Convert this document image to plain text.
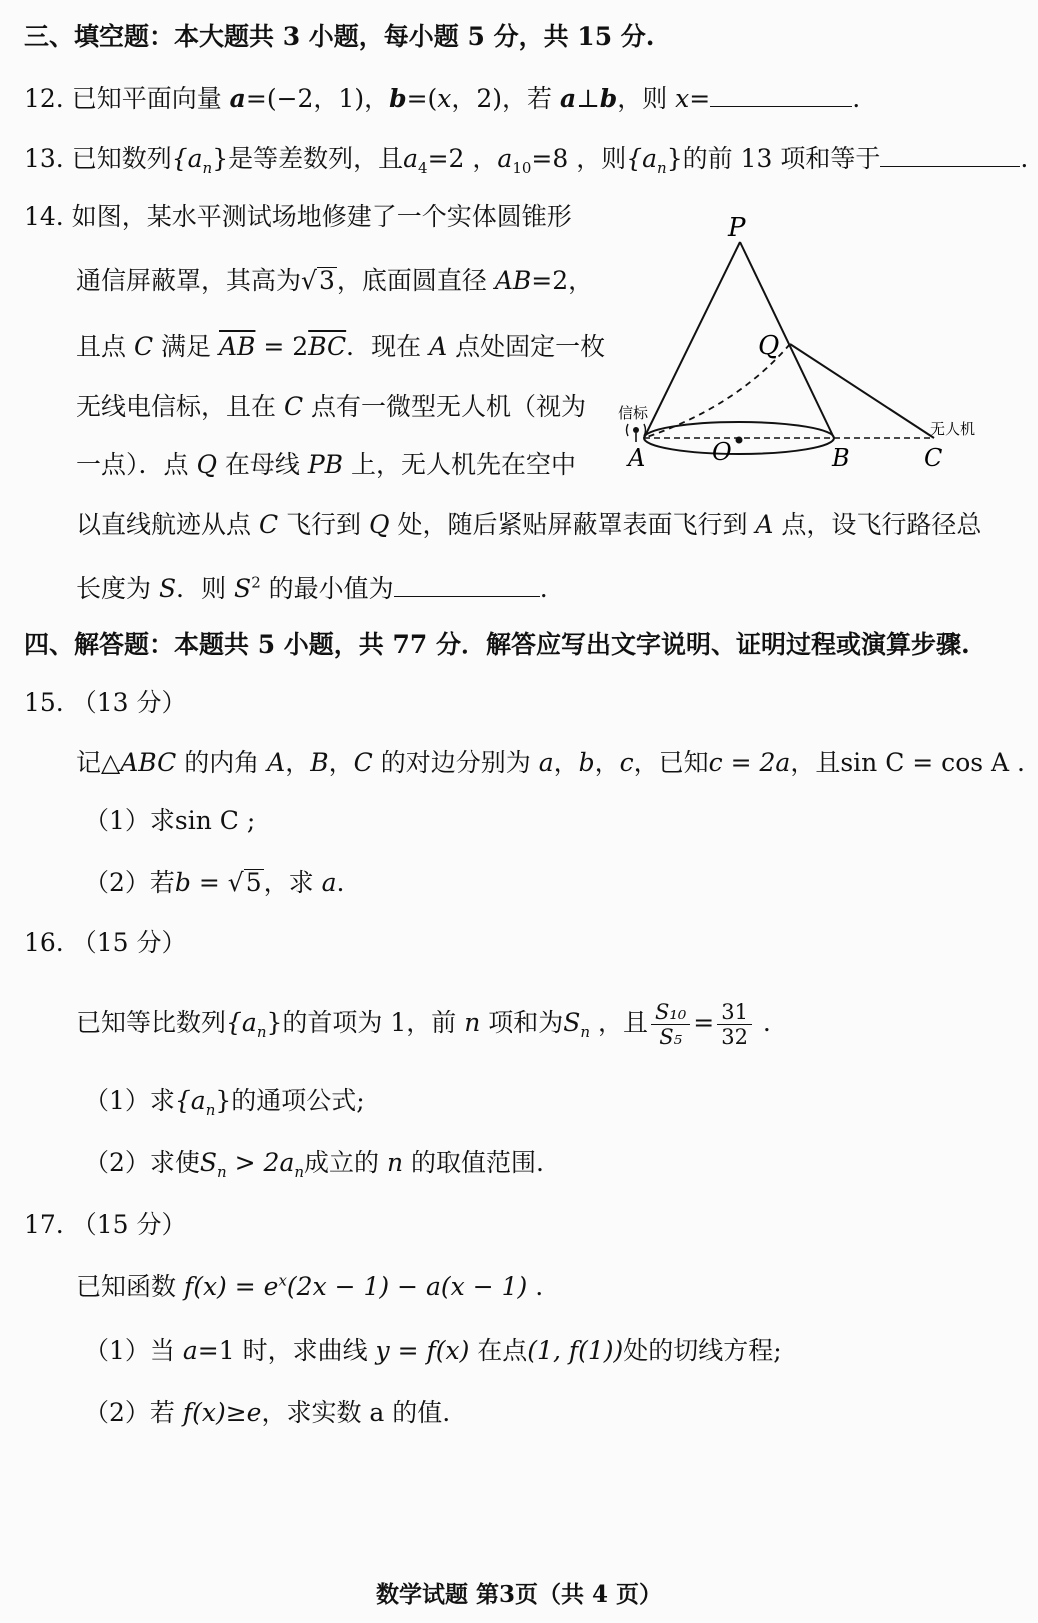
三、填空题：本大题共 3 小题，每小题 5 分，共 15 分.
12. 已知平面向量 a=(−2，1)，b=(x，2)，若 a⊥b，则 x=	.
13. 已知数列$\{a_n\}$是等差数列，且$a_4=2$ ，$a_{10}=8$ ，则$\{a_n\}$的前 13 项和等于	.
14. 如图，某水平测试场地修建了一个实体圆锥形
通信屏蔽罩，其高为√3，底面圆直径 AB=2，
且点 C 满足 $\overline{AB} = 2\overline{BC}$．现在 A 点处固定一枚
无线电信标，且在 C 点有一微型无人机（视为
一点）．点 Q 在母线 PB 上，无人机先在空中
以直线航迹从点 C 飞行到 Q 处，随后紧贴屏蔽罩表面飞行到 A 点，设飞行路径总
长度为 S．则 $S^2$ 的最小值为	.
P
Q
A	O	B	C
信标
无人机
四、解答题：本题共 5 小题，共 77 分．解答应写出文字说明、证明过程或演算步骤.
15. （13 分）
记△ABC 的内角 A，B，C 的对边分别为 a，b，c，已知c = 2a，且sin C = cos A .
（1）求sin C ;
（2）若b = √5，求 a.
16. （15 分）
已知等比数列$\{a_n\}$的首项为 1，前 n 项和为$S_n$ ，且 $\frac{\text{S₁₀}}{\text{S₅}} = \frac{31}{32}$ .
（1）求$\{a_n\}$的通项公式;
（2）求使$S_n > 2a_n$成立的 n 的取值范围.
17. （15 分）
已知函数 $f(x) = e^x(2x - 1) - a(x - 1)$ .
（1）当 a=1 时，求曲线 y = f(x) 在点(1, f(1))处的切线方程;
（2）若 f(x)≥e，求实数 a 的值.
数学试题 第3页（共 4 页）
